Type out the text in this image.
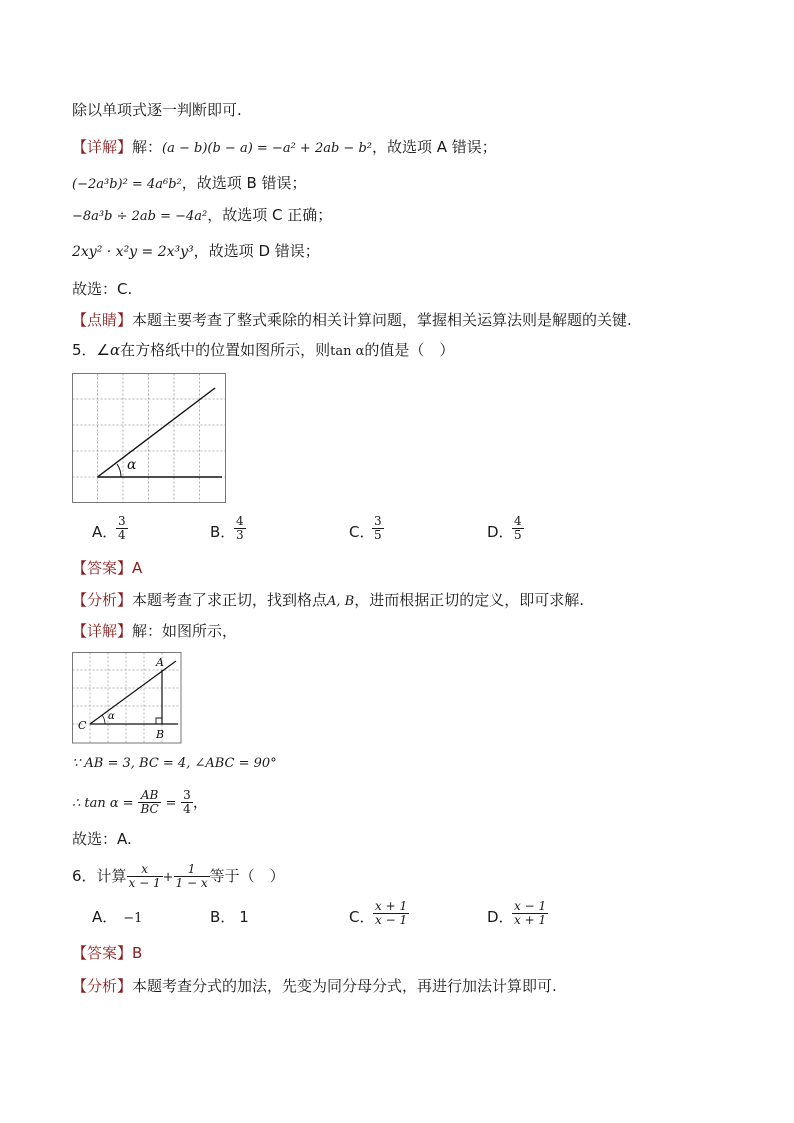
除以单项式逐一判断即可.
【详解】解：(a − b)(b − a) = −a² + 2ab − b²，故选项 A 错误；
(−2a³b)² = 4a⁶b²，故选项 B 错误；
−8a³b ÷ 2ab = −4a²，故选项 C 正确；
2xy² · x²y = 2x³y³，故选项 D 错误；
故选：C.
【点睛】本题主要考查了整式乘除的相关计算问题，掌握相关运算法则是解题的关键.
5．∠α在方格纸中的位置如图所示，则tan α的值是（　）
α
A．
$\frac{3}{4}$	B．
$\frac{4}{3}$	C．
$\frac{3}{5}$	D．
$\frac{4}{5}$
【答案】A
【分析】本题考查了求正切，找到格点A, B，进而根据正切的定义，即可求解.
【详解】解：如图所示，
α
A
B
C
∵ AB = 3, BC = 4, ∠ABC = 90°
∴ $\tan \alpha = \frac{AB}{BC} = \frac{3}{4}$ ，
故选：A.
6．计算 $\frac{x}{x - 1} + \frac{1}{1 - x}$ 等于（　）
A． −1	B． 1	C．
$\frac{x + 1}{x - 1}$	D．
$\frac{x - 1}{x + 1}$
【答案】B
【分析】本题考查分式的加法，先变为同分母分式，再进行加法计算即可.
